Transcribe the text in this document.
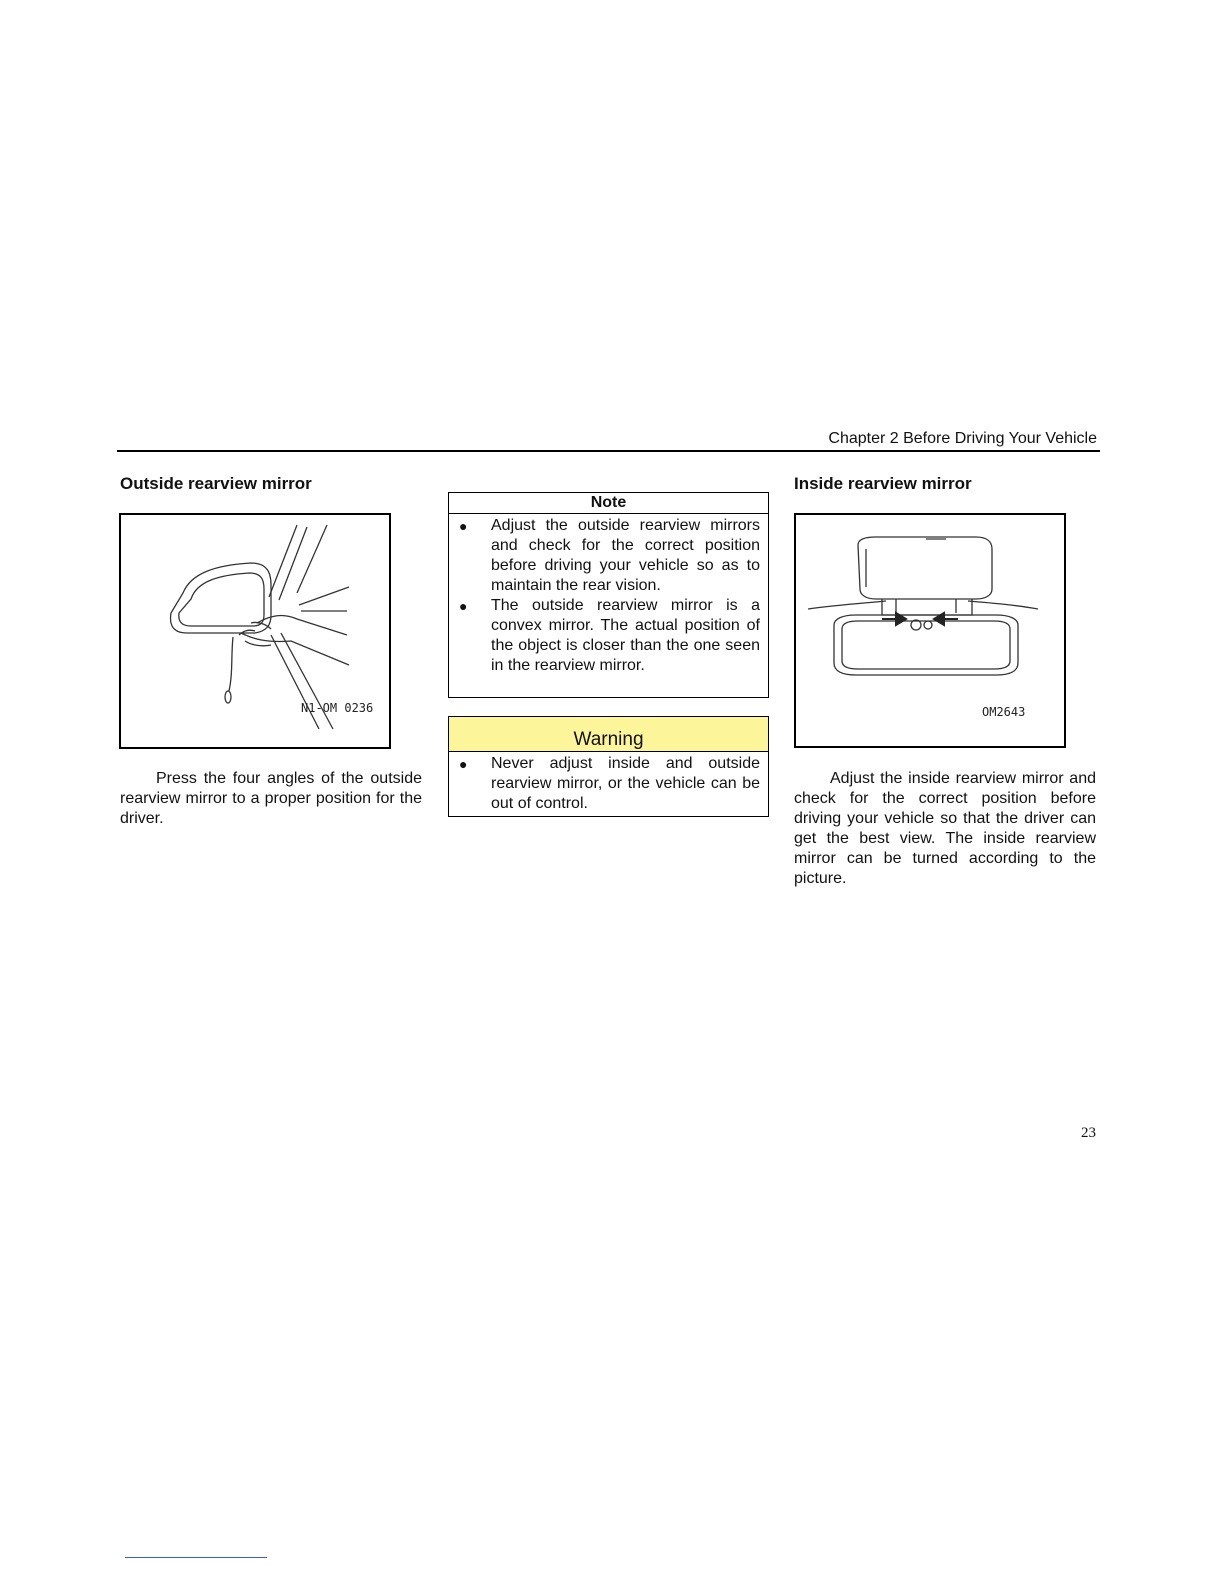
Chapter 2 Before Driving Your Vehicle
Outside rearview mirror
N1-OM 0236
Press the four angles of the outside rearview mirror to a proper position for the driver.
Note
● Adjust the outside rearview mirrors and check for the correct position before driving your vehicle so as to maintain the rear vision.
● The outside rearview mirror is a convex mirror. The actual position of the object is closer than the one seen in the rearview mirror.
Warning
● Never adjust inside and outside rearview mirror, or the vehicle can be out of control.
Inside rearview mirror
OM2643
Adjust the inside rearview mirror and check for the correct position before driving your vehicle so that the driver can get the best view. The inside rearview mirror can be turned according to the picture.
23
